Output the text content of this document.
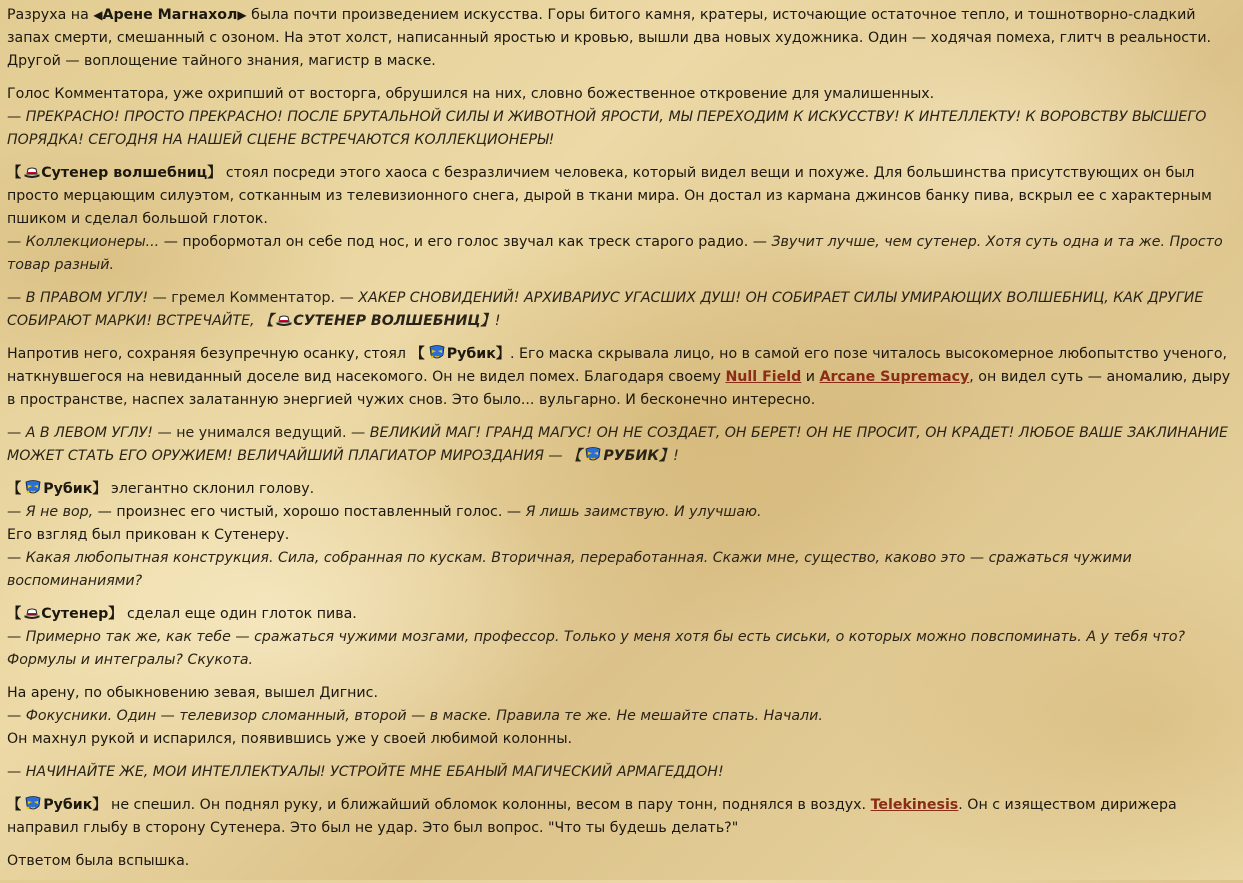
Разруха на ◀Арене Магнахол▶ была почти произведением искусства. Горы битого камня, кратеры, источающие остаточное тепло, и тошнотворно-сладкий запах смерти, смешанный с озоном. На этот холст, написанный яростью и кровью, вышли два новых художника. Один — ходячая помеха, глитч в реальности. Другой — воплощение тайного знания, магистр в маске.

Голос Комментатора, уже охрипший от восторга, обрушился на них, словно божественное откровение для умалишенных.
— ПРЕКРАСНО! ПРОСТО ПРЕКРАСНО! ПОСЛЕ БРУТАЛЬНОЙ СИЛЫ И ЖИВОТНОЙ ЯРОСТИ, МЫ ПЕРЕХОДИМ К ИСКУССТВУ! К ИНТЕЛЛЕКТУ! К ВОРОВСТВУ ВЫСШЕГО ПОРЯДКА! СЕГОДНЯ НА НАШЕЙ СЦЕНЕ ВСТРЕЧАЮТСЯ КОЛЛЕКЦИОНЕРЫ!

【 Сутенер волшебниц】 стоял посреди этого хаоса с безразличием человека, который видел вещи и похуже. Для большинства присутствующих он был просто мерцающим силуэтом, сотканным из телевизионного снега, дырой в ткани мира. Он достал из кармана джинсов банку пива, вскрыл ее с характерным пшиком и сделал большой глоток.
— Коллекционеры... — пробормотал он себе под нос, и его голос звучал как треск старого радио. — Звучит лучше, чем сутенер. Хотя суть одна и та же. Просто товар разный.

— В ПРАВОМ УГЛУ! — гремел Комментатор. — ХАКЕР СНОВИДЕНИЙ! АРХИВАРИУС УГАСШИХ ДУШ! ОН СОБИРАЕТ СИЛЫ УМИРАЮЩИХ ВОЛШЕБНИЦ, КАК ДРУГИЕ СОБИРАЮТ МАРКИ! ВСТРЕЧАЙТЕ, 【 СУТЕНЕР ВОЛШЕБНИЦ】!

Напротив него, сохраняя безупречную осанку, стоял 【 Рубик】. Его маска скрывала лицо, но в самой его позе читалось высокомерное любопытство ученого, наткнувшегося на невиданный доселе вид насекомого. Он не видел помех. Благодаря своему Null Field и Arcane Supremacy, он видел суть — аномалию, дыру в пространстве, наспех залатанную энергией чужих снов. Это было... вульгарно. И бесконечно интересно.

— А В ЛЕВОМ УГЛУ! — не унимался ведущий. — ВЕЛИКИЙ МАГ! ГРАНД МАГУС! ОН НЕ СОЗДАЕТ, ОН БЕРЕТ! ОН НЕ ПРОСИТ, ОН КРАДЕТ! ЛЮБОЕ ВАШЕ ЗАКЛИНАНИЕ МОЖЕТ СТАТЬ ЕГО ОРУЖИЕМ! ВЕЛИЧАЙШИЙ ПЛАГИАТОР МИРОЗДАНИЯ — 【 РУБИК】!

【 Рубик】 элегантно склонил голову.
— Я не вор, — произнес его чистый, хорошо поставленный голос. — Я лишь заимствую. И улучшаю.
Его взгляд был прикован к Сутенеру.
— Какая любопытная конструкция. Сила, собранная по кускам. Вторичная, переработанная. Скажи мне, существо, каково это — сражаться чужими воспоминаниями?

【 Сутенер】 сделал еще один глоток пива.
— Примерно так же, как тебе — сражаться чужими мозгами, профессор. Только у меня хотя бы есть сиськи, о которых можно повспоминать. А у тебя что? Формулы и интегралы? Скукота.

На арену, по обыкновению зевая, вышел Дигнис.
— Фокусники. Один — телевизор сломанный, второй — в маске. Правила те же. Не мешайте спать. Начали.
Он махнул рукой и испарился, появившись уже у своей любимой колонны.

— НАЧИНАЙТЕ ЖЕ, МОИ ИНТЕЛЛЕКТУАЛЫ! УСТРОЙТЕ МНЕ ЕБАНЫЙ МАГИЧЕСКИЙ АРМАГЕДДОН!

【 Рубик】 не спешил. Он поднял руку, и ближайший обломок колонны, весом в пару тонн, поднялся в воздух. Telekinesis. Он с изяществом дирижера направил глыбу в сторону Сутенера. Это был не удар. Это был вопрос. "Что ты будешь делать?"

Ответом была вспышка.
